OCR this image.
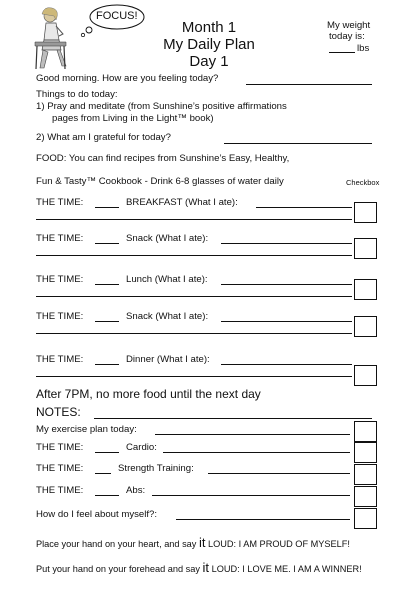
FOCUS!
Month 1
My Daily Plan
Day 1
My weight
today is:
lbs
Good morning. How are you feeling today?
Things to do today:
1) Pray and meditate (from Sunshine’s positive affirmations
pages from Living in the Light™ book)
2) What am I grateful for today?
FOOD: You can find recipes from Sunshine’s Easy, Healthy,
Fun & Tasty™ Cookbook - Drink 6-8 glasses of water daily	Checkbox
THE TIME:	BREAKFAST (What I ate):
THE TIME:	Snack (What I ate):
THE TIME:	Lunch (What I ate):
THE TIME:	Snack (What I ate):
THE TIME:	Dinner (What I ate):
After 7PM, no more food until the next day
NOTES:
My exercise plan today:
THE TIME:	Cardio:
THE TIME:	Strength Training:
THE TIME:	Abs:
How do I feel about myself?:
Place your hand on your heart, and say it LOUD: I AM PROUD OF MYSELF!
Put your hand on your forehead and say it LOUD: I LOVE ME. I AM A WINNER!
